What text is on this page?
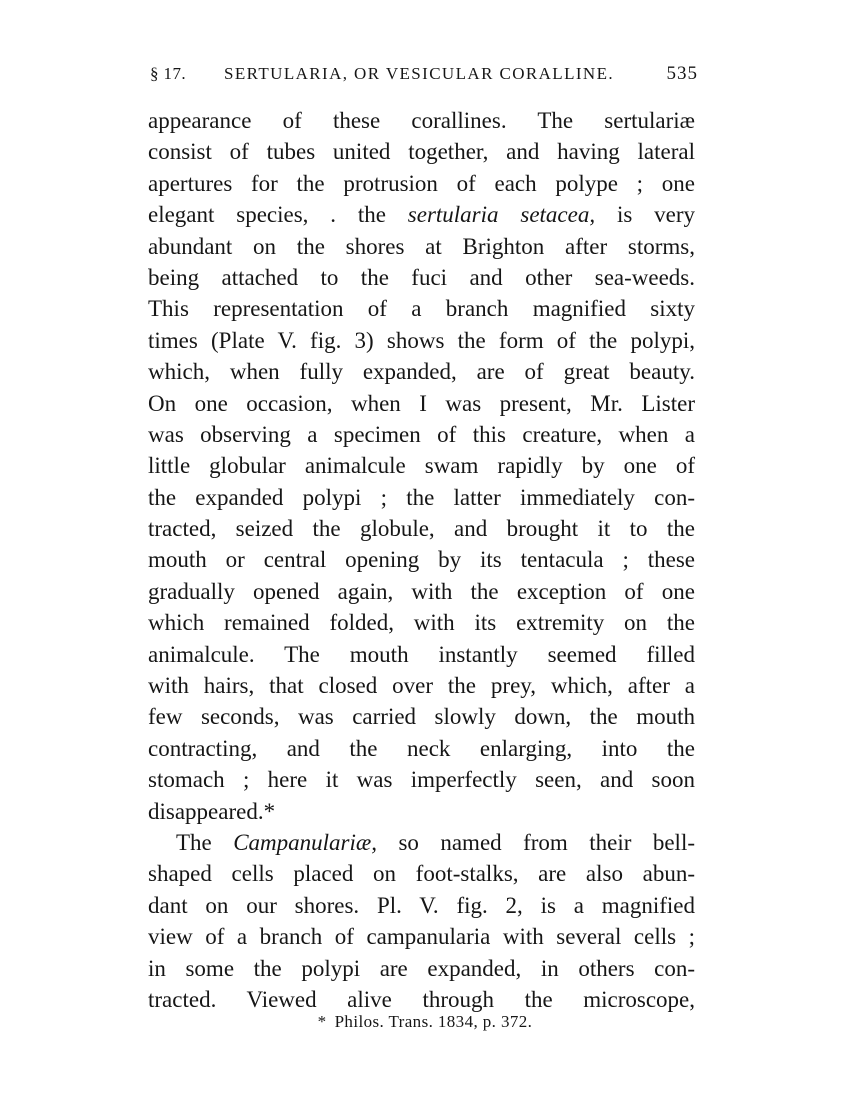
§ 17. SERTULARIA, OR VESICULAR CORALLINE.	535
appearance of these corallines. The sertulariæ
consist of tubes united together, and having lateral
apertures for the protrusion of each polype ; one
elegant species, . the sertularia setacea, is very
abundant on the shores at Brighton after storms,
being attached to the fuci and other sea-weeds.
This representation of a branch magnified sixty
times (Plate V. fig. 3) shows the form of the polypi,
which, when fully expanded, are of great beauty.
On one occasion, when I was present, Mr. Lister
was observing a specimen of this creature, when a
little globular animalcule swam rapidly by one of
the expanded polypi ; the latter immediately con-
tracted, seized the globule, and brought it to the
mouth or central opening by its tentacula ; these
gradually opened again, with the exception of one
which remained folded, with its extremity on the
animalcule. The mouth instantly seemed filled
with hairs, that closed over the prey, which, after a
few seconds, was carried slowly down, the mouth
contracting, and the neck enlarging, into the
stomach ; here it was imperfectly seen, and soon
disappeared.*
The Campanulariæ, so named from their bell-
shaped cells placed on foot-stalks, are also abun-
dant on our shores. Pl. V. fig. 2, is a magnified
view of a branch of campanularia with several cells ;
in some the polypi are expanded, in others con-
tracted. Viewed alive through the microscope,
* Philos. Trans. 1834, p. 372.
